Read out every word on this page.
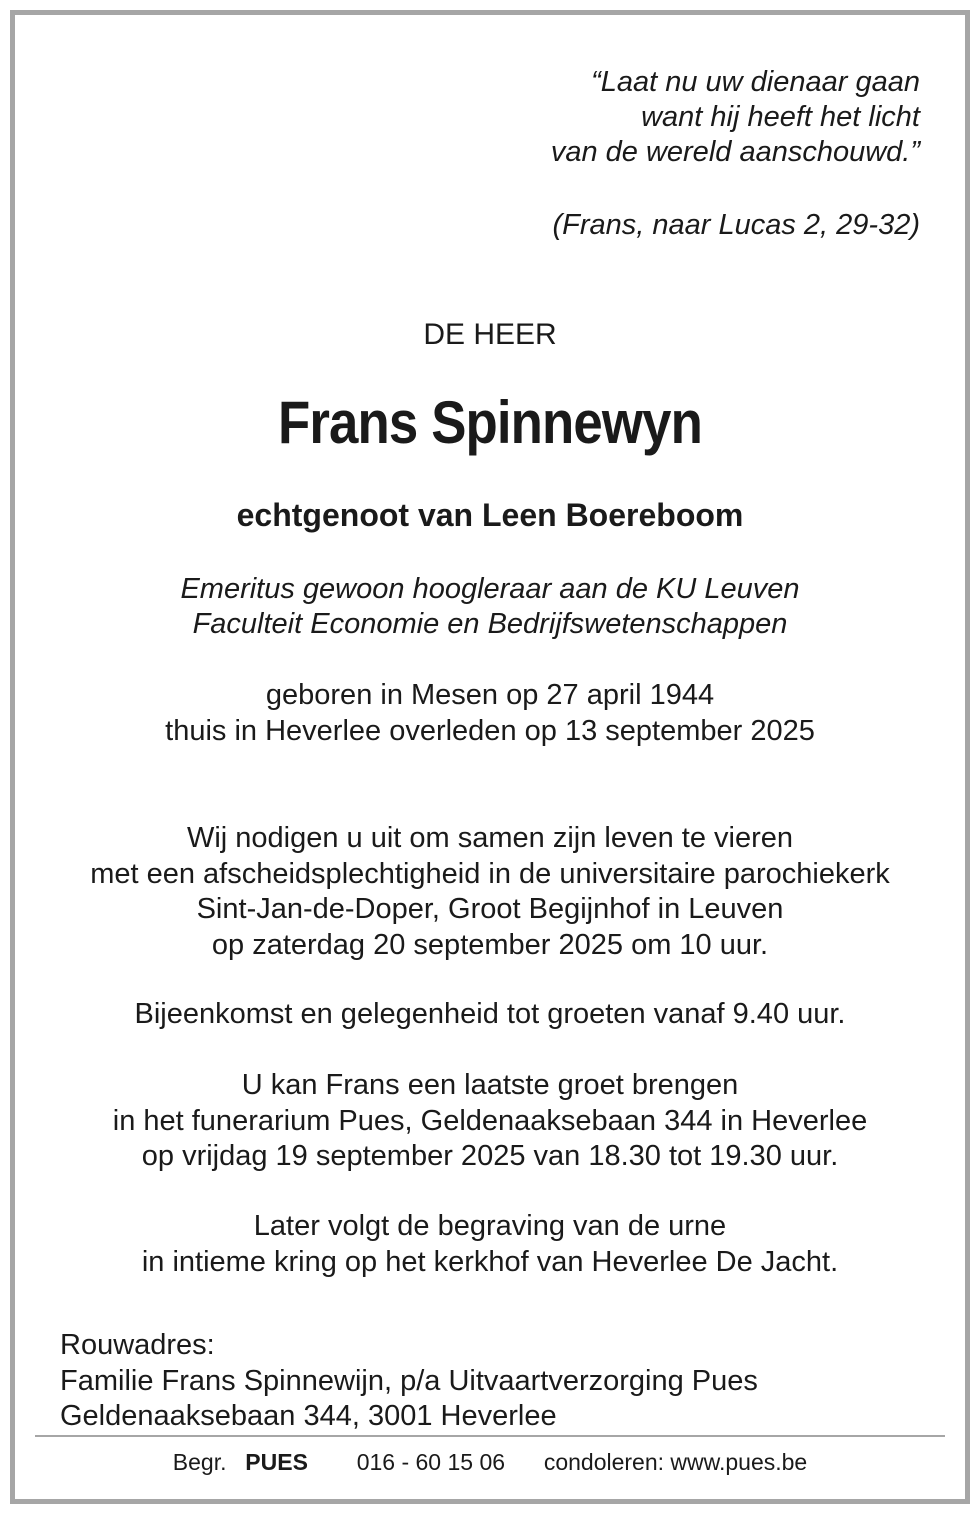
“Laat nu uw dienaar gaan

want hij heeft het licht

van de wereld aanschouwd.”

(Frans, naar Lucas 2, 29-32)
DE HEER
Frans Spinnewyn
echtgenoot van Leen Boereboom
Emeritus gewoon hoogleraar aan de KU Leuven
Faculteit Economie en Bedrijfswetenschappen

geboren in Mesen op 27 april 1944

thuis in Heverlee overleden op 13 september 2025

Wij nodigen u uit om samen zijn leven te vieren

met een afscheidsplechtigheid in de universitaire parochiekerk

Sint-Jan-de-Doper, Groot Begijnhof in Leuven

op zaterdag 20 september 2025 om 10 uur.

Bijeenkomst en gelegenheid tot groeten vanaf 9.40 uur.

U kan Frans een laatste groet brengen

in het funerarium Pues, Geldenaaksebaan 344 in Heverlee

op vrijdag 19 september 2025 van 18.30 tot 19.30 uur.

Later volgt de begraving van de urne

in intieme kring op het kerkhof van Heverlee De Jacht.

Rouwadres:

Familie Frans Spinnewijn, p/a Uitvaartverzorging Pues

Geldenaaksebaan 344, 3001 Heverlee

Begr. PUES 016 - 60 15 06 condoleren: www.pues.be
